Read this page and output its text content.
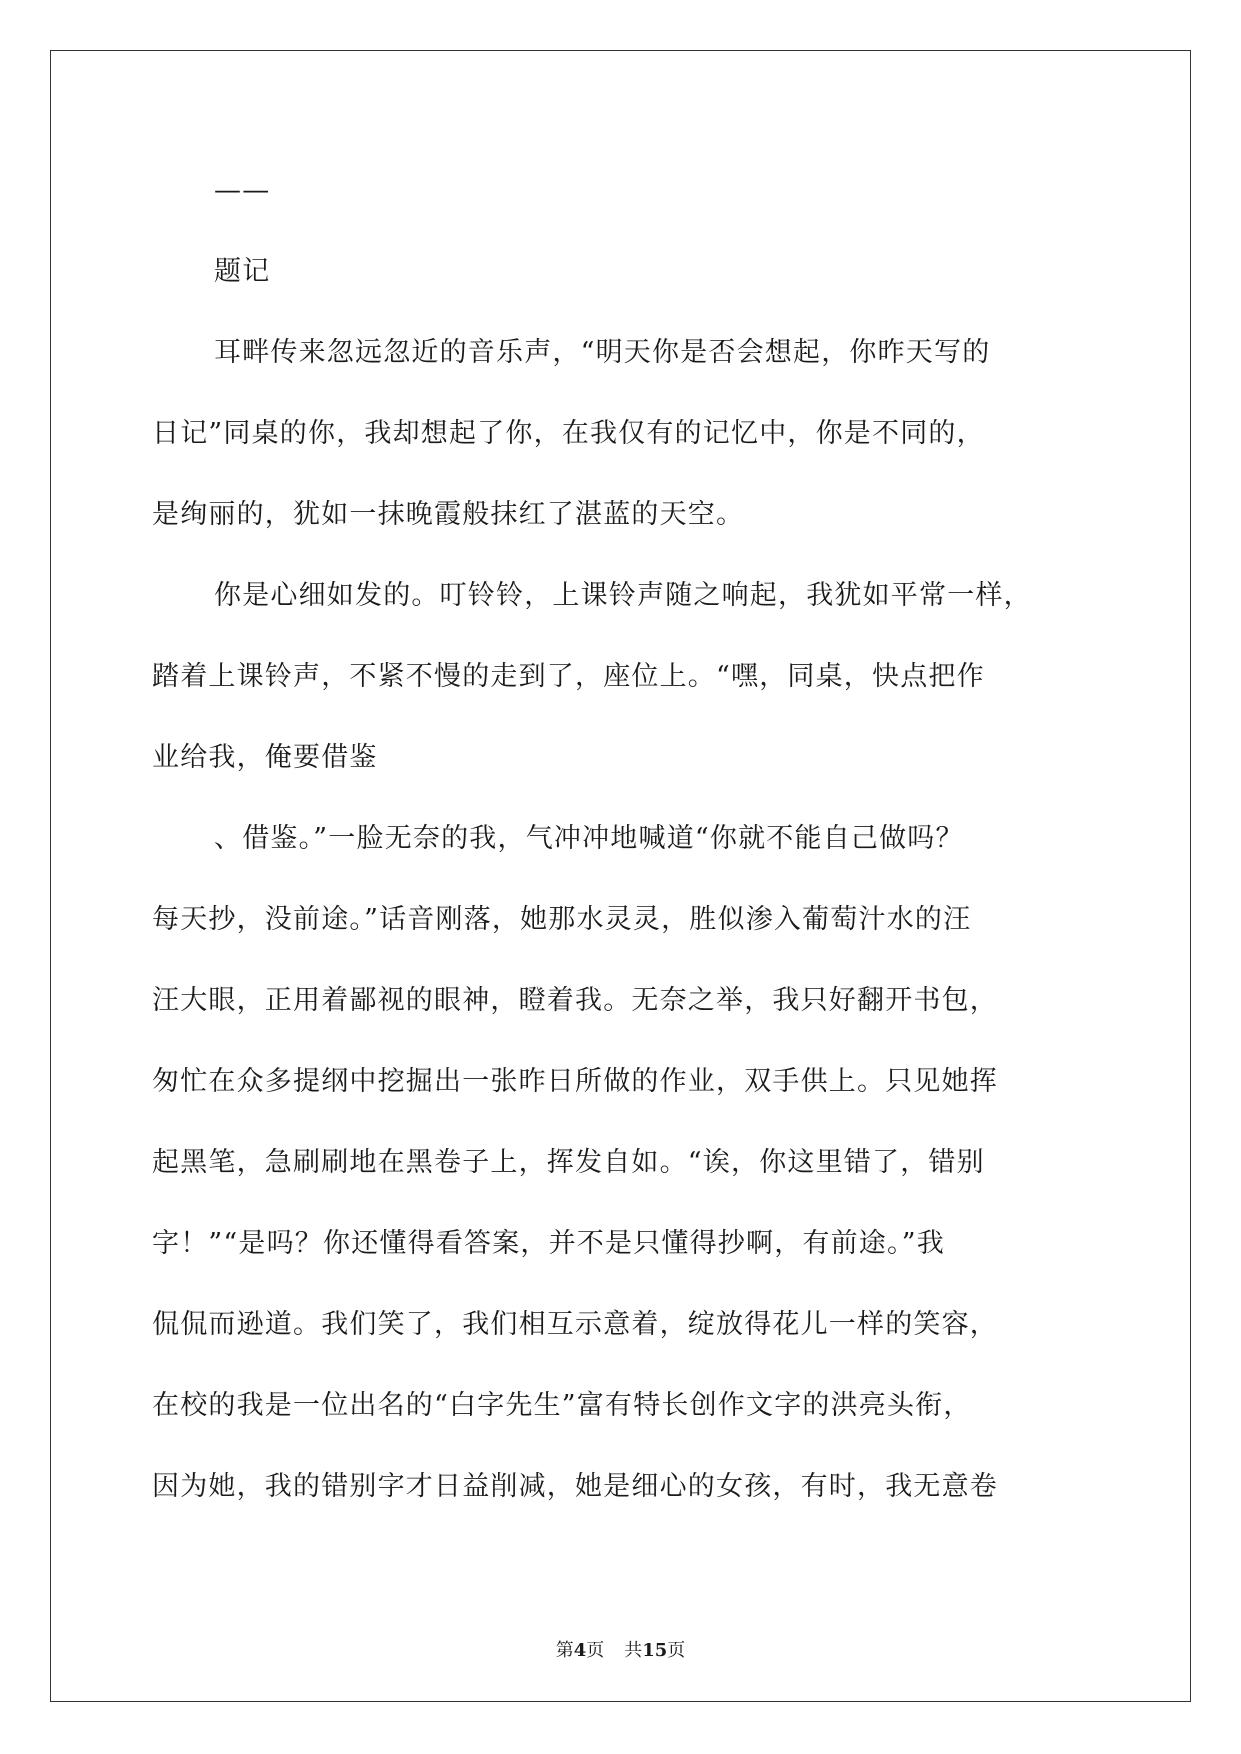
——
题记
耳畔传来忽远忽近的音乐声，“明天你是否会想起，你昨天写的
日记”同桌的你，我却想起了你，在我仅有的记忆中，你是不同的，
是绚丽的，犹如一抹晚霞般抹红了湛蓝的天空。
你是心细如发的。叮铃铃，上课铃声随之响起，我犹如平常一样，
踏着上课铃声，不紧不慢的走到了，座位上。“嘿，同桌，快点把作
业给我，俺要借鉴
、借鉴。”一脸无奈的我，气冲冲地喊道“你就不能自己做吗？
每天抄，没前途。”话音刚落，她那水灵灵，胜似渗入葡萄汁水的汪
汪大眼，正用着鄙视的眼神，瞪着我。无奈之举，我只好翻开书包，
匆忙在众多提纲中挖掘出一张昨日所做的作业，双手供上。只见她挥
起黑笔，急刷刷地在黑卷子上，挥发自如。“诶，你这里错了，错别
字！”“是吗？你还懂得看答案，并不是只懂得抄啊，有前途。”我
侃侃而逊道。我们笑了，我们相互示意着，绽放得花儿一样的笑容，
在校的我是一位出名的“白字先生”富有特长创作文字的洪亮头衔，
因为她，我的错别字才日益削减，她是细心的女孩，有时，我无意卷
第4页 共15页
